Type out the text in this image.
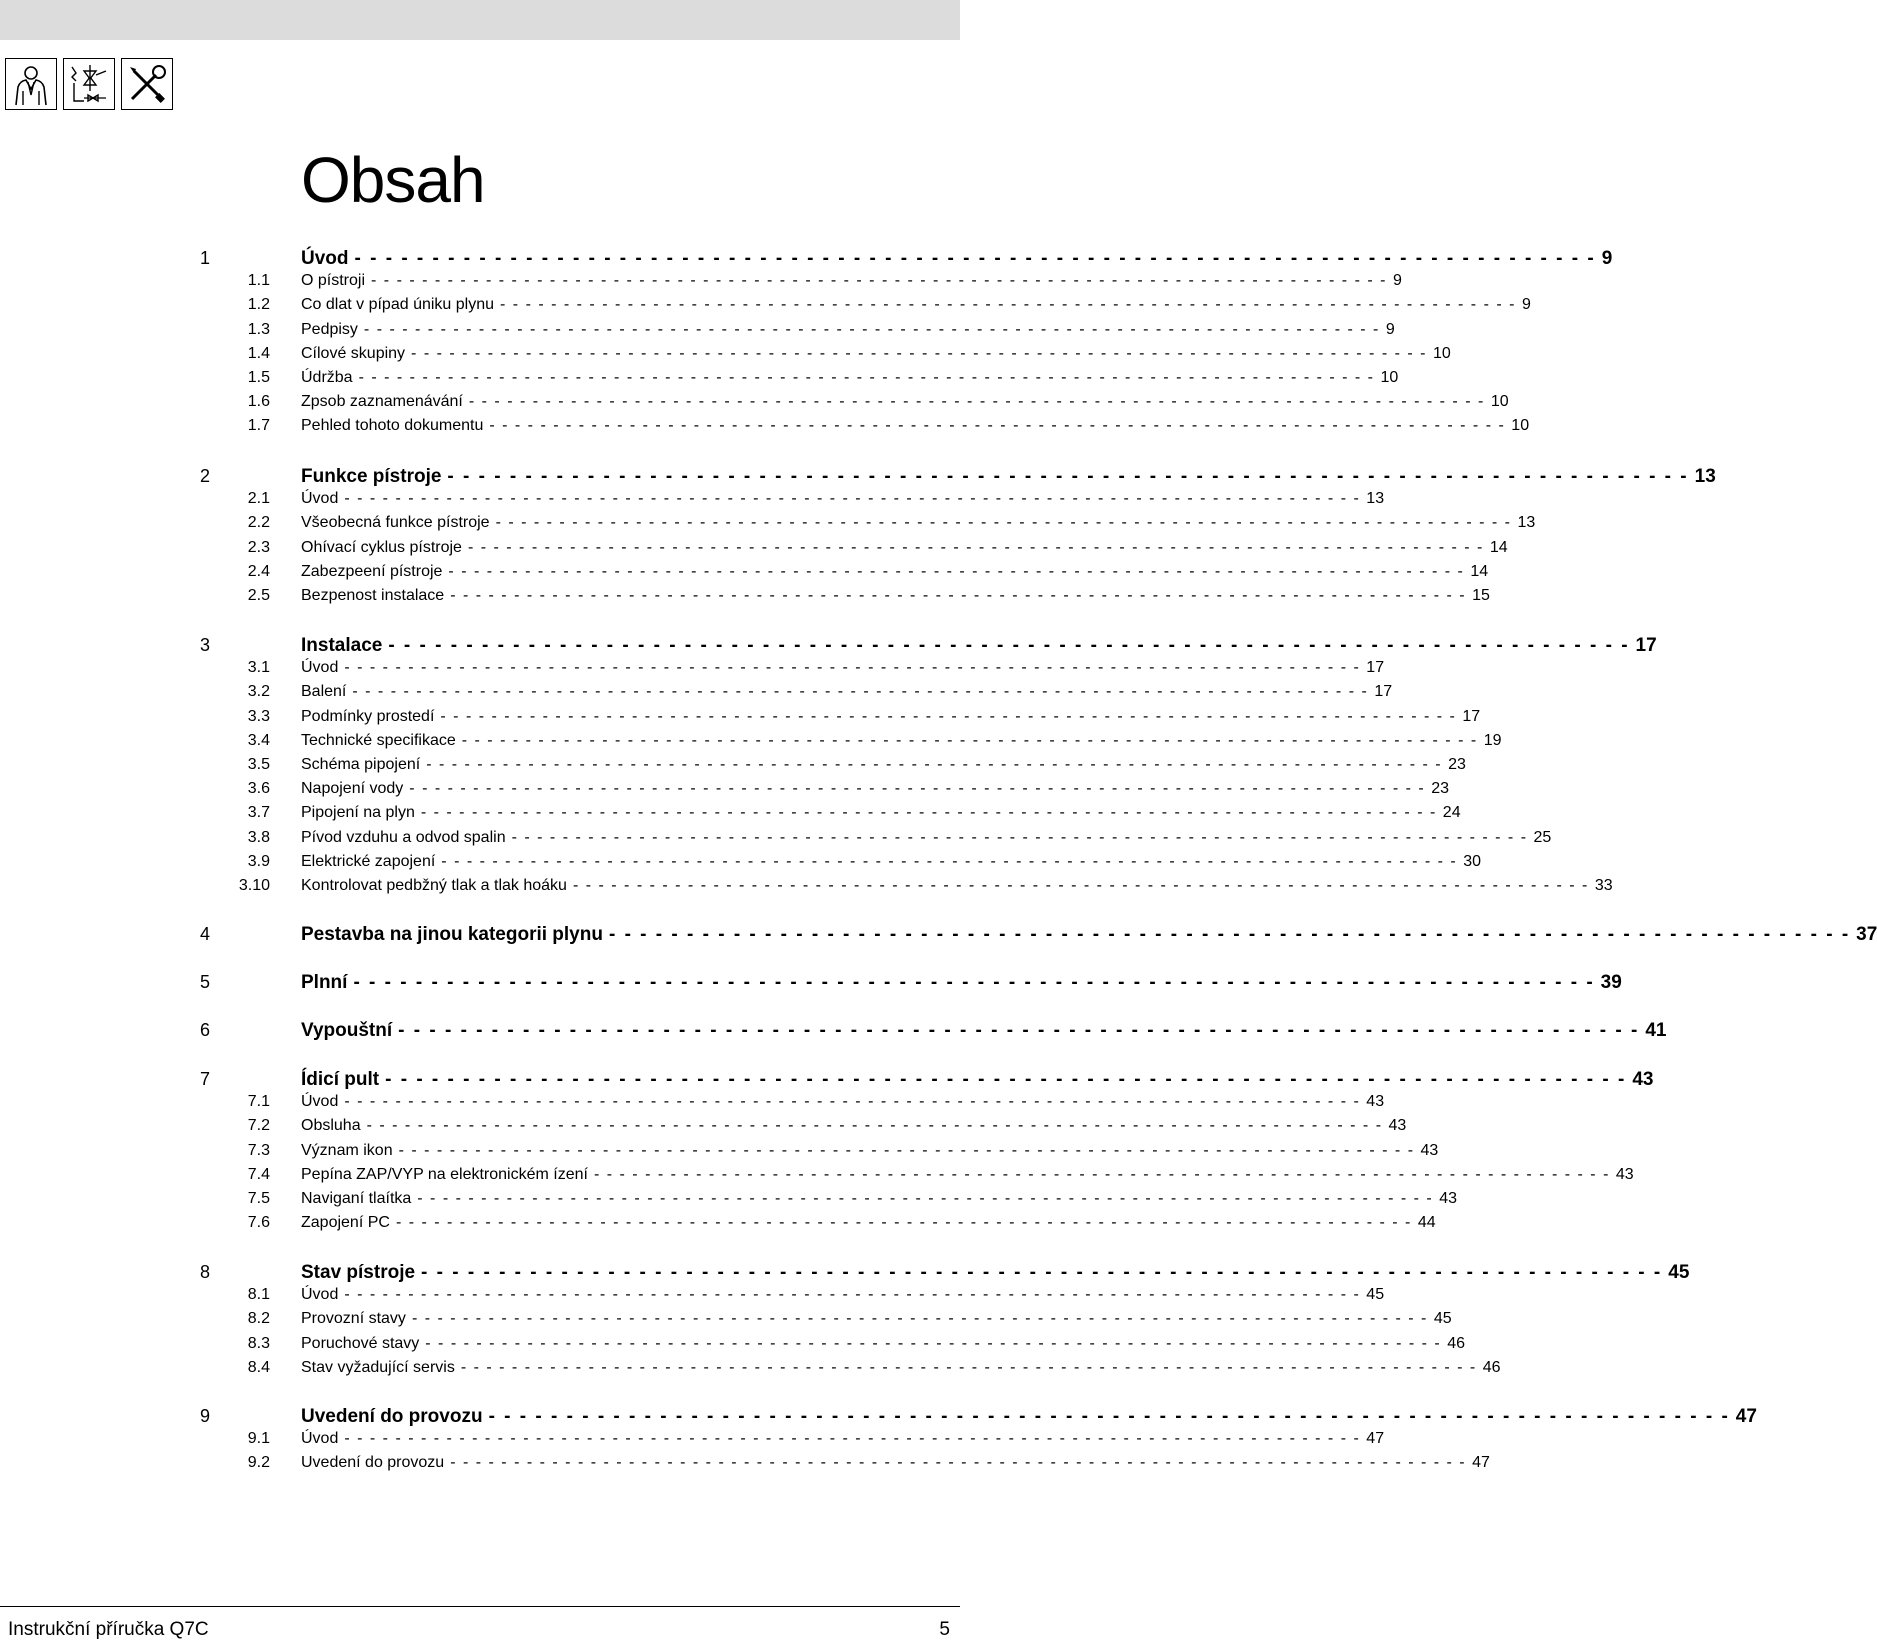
Obsah
1	Úvod - - - - - - - - - - - - - - - - - - - - - - - - - - - - - - - - - - - - - - - - - - - - - - - - - - - - - - - - - - - - - - - - - - - - - - - - - - - - - - - - 9
1.1 O pístroji - - - - - - - - - - - - - - - - - - - - - - - - - - - - - - - - - - - - - - - - - - - - - - - - - - - - - - - - - - - - - - - - - - - - - - - - - - - - - - - - 9
1.2 Co dlat v pípad úniku plynu - - - - - - - - - - - - - - - - - - - - - - - - - - - - - - - - - - - - - - - - - - - - - - - - - - - - - - - - - - - - - - - - - - - - - - - - - - - - - - - - 9
1.3 Pedpisy - - - - - - - - - - - - - - - - - - - - - - - - - - - - - - - - - - - - - - - - - - - - - - - - - - - - - - - - - - - - - - - - - - - - - - - - - - - - - - - - 9
1.4 Cílové skupiny - - - - - - - - - - - - - - - - - - - - - - - - - - - - - - - - - - - - - - - - - - - - - - - - - - - - - - - - - - - - - - - - - - - - - - - - - - - - - - - - 10
1.5 Údržba - - - - - - - - - - - - - - - - - - - - - - - - - - - - - - - - - - - - - - - - - - - - - - - - - - - - - - - - - - - - - - - - - - - - - - - - - - - - - - - - 10
1.6 Zpsob zaznamenávání - - - - - - - - - - - - - - - - - - - - - - - - - - - - - - - - - - - - - - - - - - - - - - - - - - - - - - - - - - - - - - - - - - - - - - - - - - - - - - - - 10
1.7 Pehled tohoto dokumentu - - - - - - - - - - - - - - - - - - - - - - - - - - - - - - - - - - - - - - - - - - - - - - - - - - - - - - - - - - - - - - - - - - - - - - - - - - - - - - - - 10
2	Funkce pístroje - - - - - - - - - - - - - - - - - - - - - - - - - - - - - - - - - - - - - - - - - - - - - - - - - - - - - - - - - - - - - - - - - - - - - - - - - - - - - - - - 13
2.1 Úvod - - - - - - - - - - - - - - - - - - - - - - - - - - - - - - - - - - - - - - - - - - - - - - - - - - - - - - - - - - - - - - - - - - - - - - - - - - - - - - - - 13
2.2 Všeobecná funkce pístroje - - - - - - - - - - - - - - - - - - - - - - - - - - - - - - - - - - - - - - - - - - - - - - - - - - - - - - - - - - - - - - - - - - - - - - - - - - - - - - - - 13
2.3 Ohívací cyklus pístroje - - - - - - - - - - - - - - - - - - - - - - - - - - - - - - - - - - - - - - - - - - - - - - - - - - - - - - - - - - - - - - - - - - - - - - - - - - - - - - - - 14
2.4 Zabezpeení pístroje - - - - - - - - - - - - - - - - - - - - - - - - - - - - - - - - - - - - - - - - - - - - - - - - - - - - - - - - - - - - - - - - - - - - - - - - - - - - - - - - 14
2.5 Bezpenost instalace - - - - - - - - - - - - - - - - - - - - - - - - - - - - - - - - - - - - - - - - - - - - - - - - - - - - - - - - - - - - - - - - - - - - - - - - - - - - - - - - 15
3	Instalace - - - - - - - - - - - - - - - - - - - - - - - - - - - - - - - - - - - - - - - - - - - - - - - - - - - - - - - - - - - - - - - - - - - - - - - - - - - - - - - - 17
3.1 Úvod - - - - - - - - - - - - - - - - - - - - - - - - - - - - - - - - - - - - - - - - - - - - - - - - - - - - - - - - - - - - - - - - - - - - - - - - - - - - - - - - 17
3.2 Balení - - - - - - - - - - - - - - - - - - - - - - - - - - - - - - - - - - - - - - - - - - - - - - - - - - - - - - - - - - - - - - - - - - - - - - - - - - - - - - - - 17
3.3 Podmínky prostedí - - - - - - - - - - - - - - - - - - - - - - - - - - - - - - - - - - - - - - - - - - - - - - - - - - - - - - - - - - - - - - - - - - - - - - - - - - - - - - - - 17
3.4 Technické specifikace - - - - - - - - - - - - - - - - - - - - - - - - - - - - - - - - - - - - - - - - - - - - - - - - - - - - - - - - - - - - - - - - - - - - - - - - - - - - - - - - 19
3.5 Schéma pipojení - - - - - - - - - - - - - - - - - - - - - - - - - - - - - - - - - - - - - - - - - - - - - - - - - - - - - - - - - - - - - - - - - - - - - - - - - - - - - - - - 23
3.6 Napojení vody - - - - - - - - - - - - - - - - - - - - - - - - - - - - - - - - - - - - - - - - - - - - - - - - - - - - - - - - - - - - - - - - - - - - - - - - - - - - - - - - 23
3.7 Pipojení na plyn - - - - - - - - - - - - - - - - - - - - - - - - - - - - - - - - - - - - - - - - - - - - - - - - - - - - - - - - - - - - - - - - - - - - - - - - - - - - - - - - 24
3.8 Pívod vzduhu a odvod spalin - - - - - - - - - - - - - - - - - - - - - - - - - - - - - - - - - - - - - - - - - - - - - - - - - - - - - - - - - - - - - - - - - - - - - - - - - - - - - - - - 25
3.9 Elektrické zapojení - - - - - - - - - - - - - - - - - - - - - - - - - - - - - - - - - - - - - - - - - - - - - - - - - - - - - - - - - - - - - - - - - - - - - - - - - - - - - - - - 30
3.10 Kontrolovat pedbžný tlak a tlak hoáku - - - - - - - - - - - - - - - - - - - - - - - - - - - - - - - - - - - - - - - - - - - - - - - - - - - - - - - - - - - - - - - - - - - - - - - - - - - - - - - - 33
4	Pestavba na jinou kategorii plynu - - - - - - - - - - - - - - - - - - - - - - - - - - - - - - - - - - - - - - - - - - - - - - - - - - - - - - - - - - - - - - - - - - - - - - - - - - - - - - - - 37
5	Plnní - - - - - - - - - - - - - - - - - - - - - - - - - - - - - - - - - - - - - - - - - - - - - - - - - - - - - - - - - - - - - - - - - - - - - - - - - - - - - - - - 39
6	Vypouštní - - - - - - - - - - - - - - - - - - - - - - - - - - - - - - - - - - - - - - - - - - - - - - - - - - - - - - - - - - - - - - - - - - - - - - - - - - - - - - - - 41
7	Ídicí pult - - - - - - - - - - - - - - - - - - - - - - - - - - - - - - - - - - - - - - - - - - - - - - - - - - - - - - - - - - - - - - - - - - - - - - - - - - - - - - - - 43
7.1 Úvod - - - - - - - - - - - - - - - - - - - - - - - - - - - - - - - - - - - - - - - - - - - - - - - - - - - - - - - - - - - - - - - - - - - - - - - - - - - - - - - - 43
7.2 Obsluha - - - - - - - - - - - - - - - - - - - - - - - - - - - - - - - - - - - - - - - - - - - - - - - - - - - - - - - - - - - - - - - - - - - - - - - - - - - - - - - - 43
7.3 Význam ikon - - - - - - - - - - - - - - - - - - - - - - - - - - - - - - - - - - - - - - - - - - - - - - - - - - - - - - - - - - - - - - - - - - - - - - - - - - - - - - - - 43
7.4 Pepína ZAP/VYP na elektronickém ízení - - - - - - - - - - - - - - - - - - - - - - - - - - - - - - - - - - - - - - - - - - - - - - - - - - - - - - - - - - - - - - - - - - - - - - - - - - - - - - - - 43
7.5 Naviganí tlaítka - - - - - - - - - - - - - - - - - - - - - - - - - - - - - - - - - - - - - - - - - - - - - - - - - - - - - - - - - - - - - - - - - - - - - - - - - - - - - - - - 43
7.6 Zapojení PC - - - - - - - - - - - - - - - - - - - - - - - - - - - - - - - - - - - - - - - - - - - - - - - - - - - - - - - - - - - - - - - - - - - - - - - - - - - - - - - - 44
8	Stav pístroje - - - - - - - - - - - - - - - - - - - - - - - - - - - - - - - - - - - - - - - - - - - - - - - - - - - - - - - - - - - - - - - - - - - - - - - - - - - - - - - - 45
8.1 Úvod - - - - - - - - - - - - - - - - - - - - - - - - - - - - - - - - - - - - - - - - - - - - - - - - - - - - - - - - - - - - - - - - - - - - - - - - - - - - - - - - 45
8.2 Provozní stavy - - - - - - - - - - - - - - - - - - - - - - - - - - - - - - - - - - - - - - - - - - - - - - - - - - - - - - - - - - - - - - - - - - - - - - - - - - - - - - - - 45
8.3 Poruchové stavy - - - - - - - - - - - - - - - - - - - - - - - - - - - - - - - - - - - - - - - - - - - - - - - - - - - - - - - - - - - - - - - - - - - - - - - - - - - - - - - - 46
8.4 Stav vyžadující servis - - - - - - - - - - - - - - - - - - - - - - - - - - - - - - - - - - - - - - - - - - - - - - - - - - - - - - - - - - - - - - - - - - - - - - - - - - - - - - - - 46
9	Uvedení do provozu - - - - - - - - - - - - - - - - - - - - - - - - - - - - - - - - - - - - - - - - - - - - - - - - - - - - - - - - - - - - - - - - - - - - - - - - - - - - - - - - 47
9.1 Úvod - - - - - - - - - - - - - - - - - - - - - - - - - - - - - - - - - - - - - - - - - - - - - - - - - - - - - - - - - - - - - - - - - - - - - - - - - - - - - - - - 47
9.2 Uvedení do provozu - - - - - - - - - - - - - - - - - - - - - - - - - - - - - - - - - - - - - - - - - - - - - - - - - - - - - - - - - - - - - - - - - - - - - - - - - - - - - - - - 47
Instrukční příručka Q7C	5
